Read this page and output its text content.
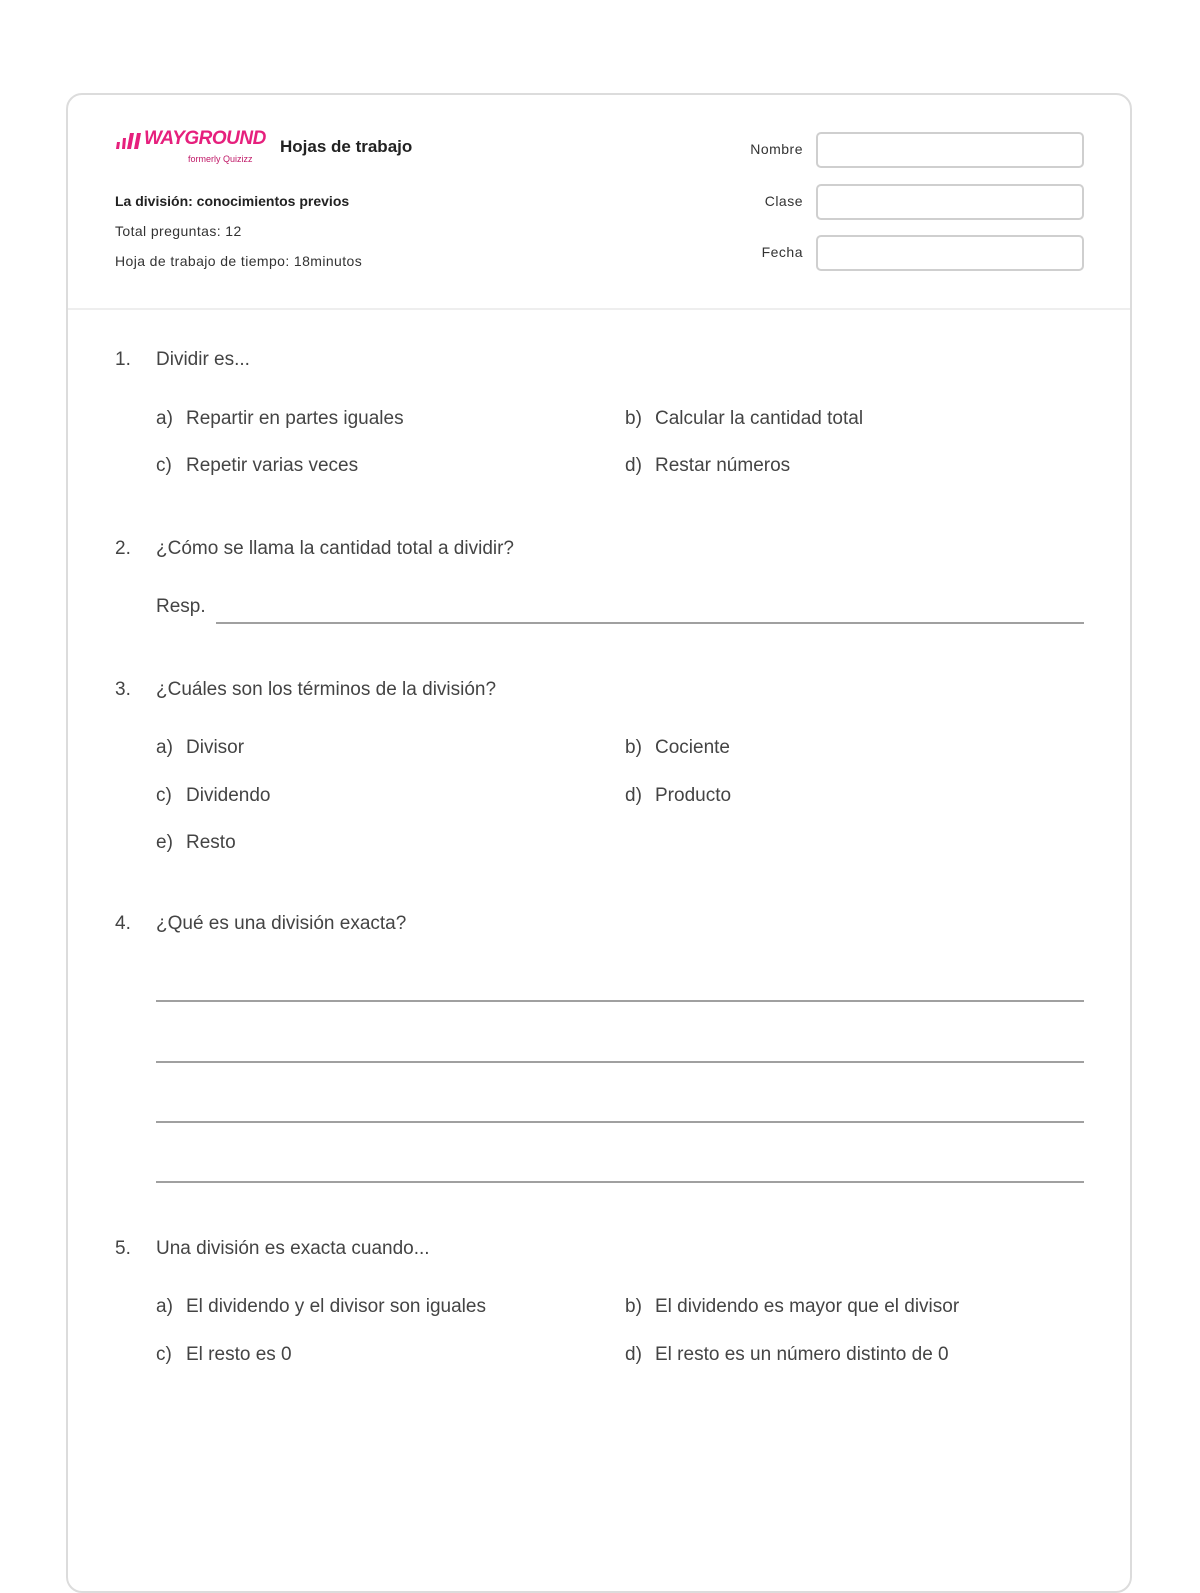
WAYGROUND
formerly Quizizz
Hojas de trabajo
La división: conocimientos previos
Total preguntas: 12
Hoja de trabajo de tiempo: 18minutos
Nombre
Clase
Fecha
1. Dividir es...
a) Repartir en partes iguales	b) Calcular la cantidad total
c) Repetir varias veces	d) Restar números
2. ¿Cómo se llama la cantidad total a dividir?
Resp.
3. ¿Cuáles son los términos de la división?
a) Divisor	b) Cociente
c) Dividendo	d) Producto
e) Resto
4. ¿Qué es una división exacta?
5. Una división es exacta cuando...
a) El dividendo y el divisor son iguales	b) El dividendo es mayor que el divisor
c) El resto es 0	d) El resto es un número distinto de 0
